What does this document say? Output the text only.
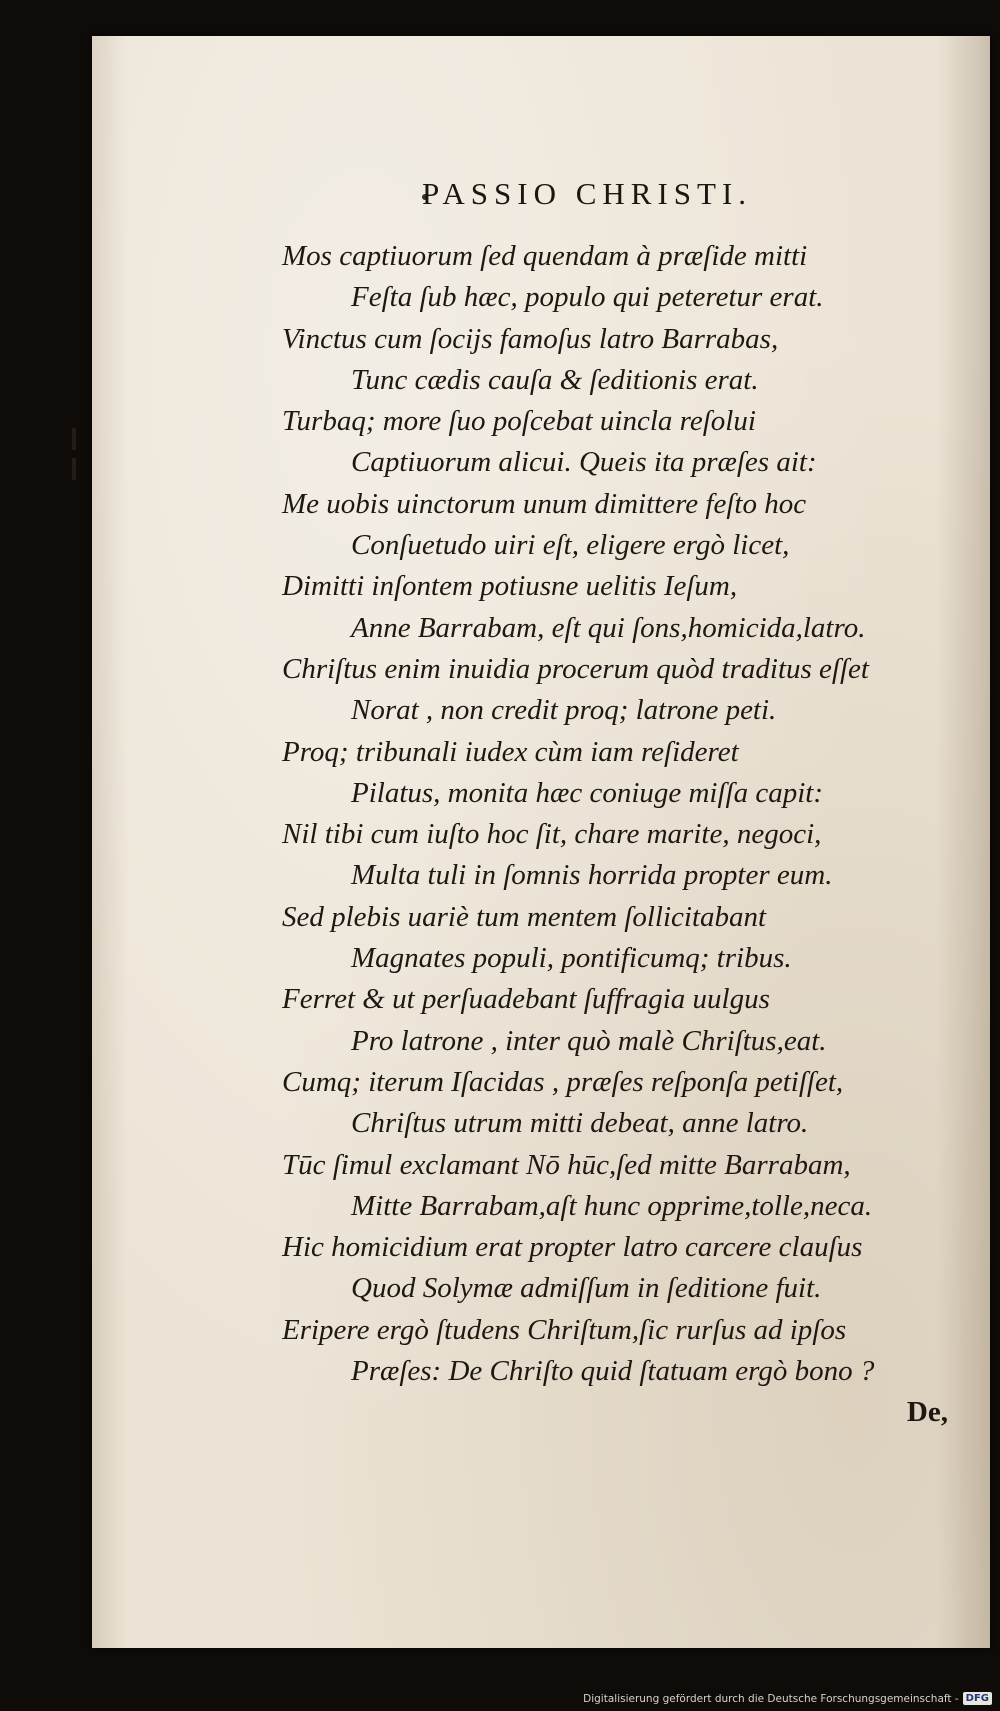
PASSIO CHRISTI.
Mos captiuorum ſed quendam à præſide mitti
Feſta ſub hæc, populo qui peteretur erat.
Vinctus cum ſocijs famoſus latro Barrabas,
Tunc cædis cauſa & ſeditionis erat.
Turbaq; more ſuo poſcebat uincla reſolui
Captiuorum alicui. Queis ita præſes ait:
Me uobis uinctorum unum dimittere feſto hoc
Conſuetudo uiri eſt, eligere ergò licet,
Dimitti inſontem potiusne uelitis Ieſum,
Anne Barrabam, eſt qui ſons,homicida,latro.
Chriſtus enim inuidia procerum quòd traditus eſſet
Norat , non credit proq; latrone peti.
Proq; tribunali iudex cùm iam reſideret
Pilatus, monita hæc coniuge miſſa capit:
Nil tibi cum iuſto hoc ſit, chare marite, negoci,
Multa tuli in ſomnis horrida propter eum.
Sed plebis uariè tum mentem ſollicitabant
Magnates populi, pontificumq; tribus.
Ferret & ut perſuadebant ſuffragia uulgus
Pro latrone , inter quò malè Chriſtus,eat.
Cumq; iterum Iſacidas , præſes reſponſa petiſſet,
Chriſtus utrum mitti debeat, anne latro.
Tūc ſimul exclamant Nō hūc,ſed mitte Barrabam,
Mitte Barrabam,aſt hunc opprime,tolle,neca.
Hic homicidium erat propter latro carcere clauſus
Quod Solymæ admiſſum in ſeditione fuit.
Eripere ergò ſtudens Chriſtum,ſic rurſus ad ipſos
Præſes: De Chriſto quid ſtatuam ergò bono ?
De,
Digitalisierung gefördert durch die Deutsche Forschungsgemeinschaft - DFG
